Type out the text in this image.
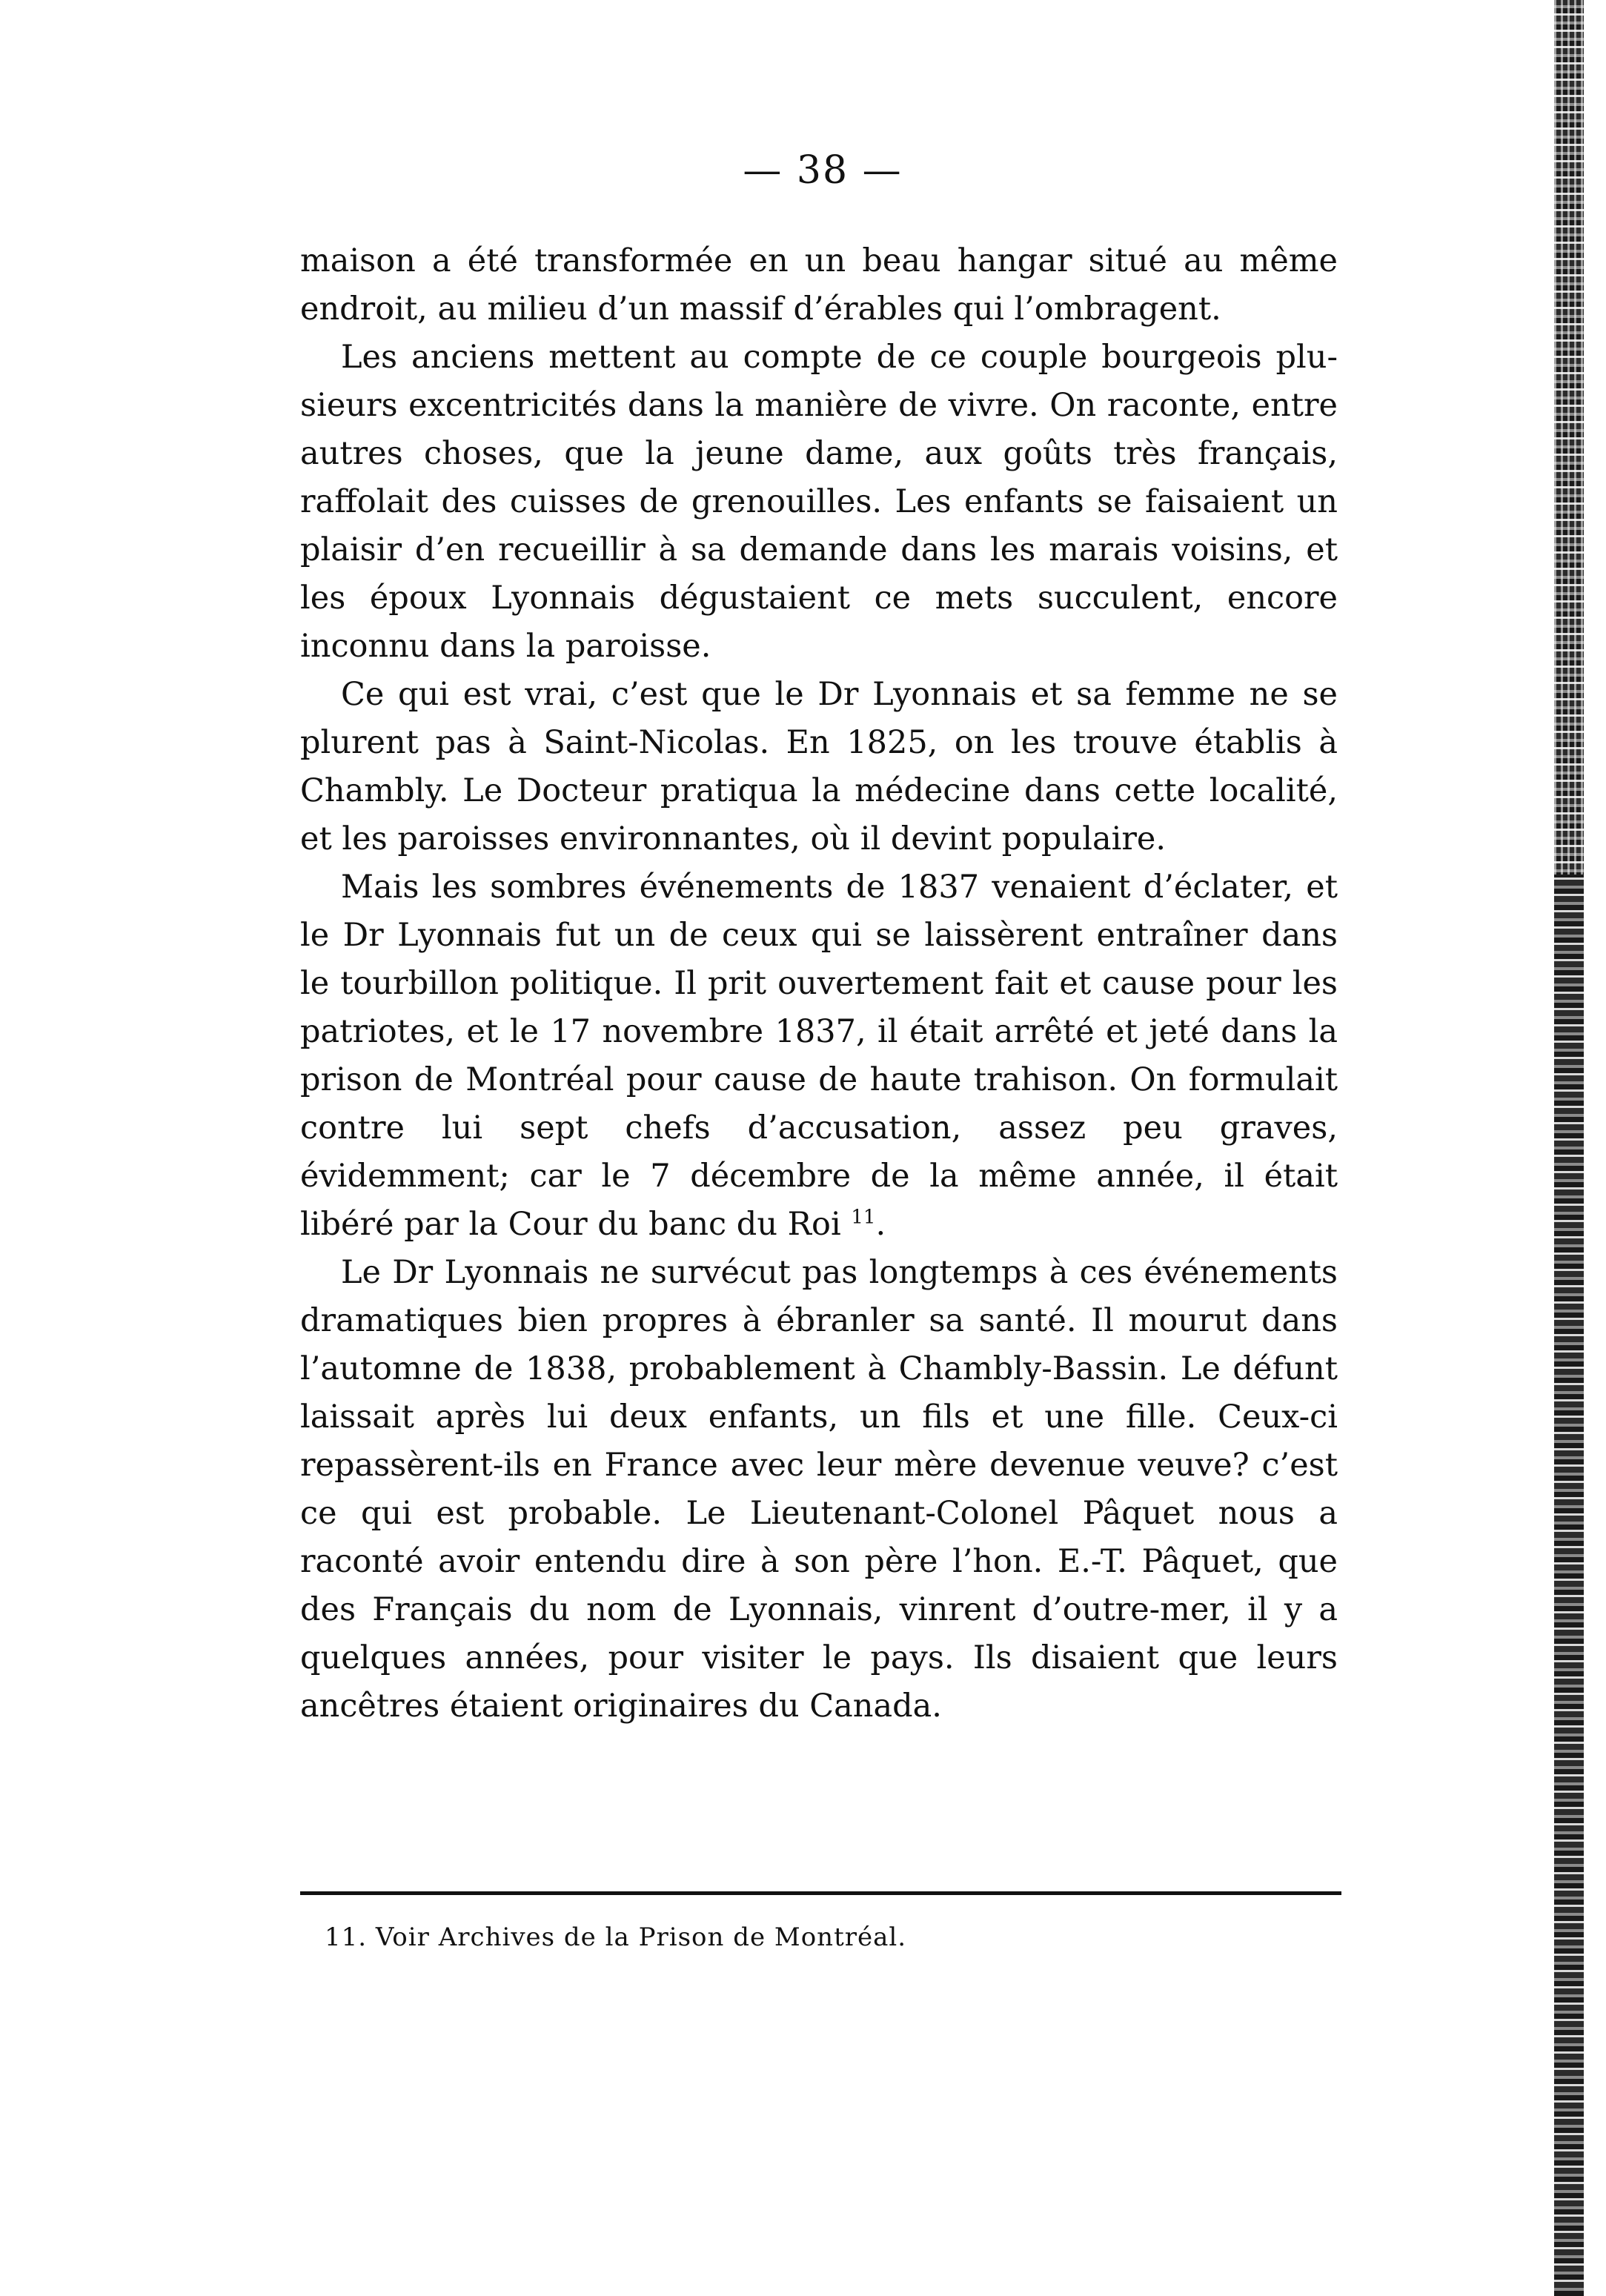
— 38 —

maison a été transformée en un beau hangar situé au même endroit, au milieu d’un massif d’érables qui l’ombragent.

Les anciens mettent au compte de ce couple bourgeois plusieurs excentricités dans la manière de vivre. On raconte, entre autres choses, que la jeune dame, aux goûts très français, raffolait des cuisses de grenouilles. Les enfants se faisaient un plaisir d’en recueillir à sa demande dans les marais voisins, et les époux Lyonnais dégustaient ce mets succulent, encore inconnu dans la paroisse.

Ce qui est vrai, c’est que le Dr Lyonnais et sa femme ne se plurent pas à Saint-Nicolas. En 1825, on les trouve établis à Chambly. Le Docteur pratiqua la médecine dans cette localité, et les paroisses environnantes, où il devint populaire.

Mais les sombres événements de 1837 venaient d’éclater, et le Dr Lyonnais fut un de ceux qui se laissèrent entraîner dans le tourbillon politique. Il prit ouvertement fait et cause pour les patriotes, et le 17 novembre 1837, il était arrêté et jeté dans la prison de Montréal pour cause de haute trahison. On formulait contre lui sept chefs d’accusation, assez peu graves, évidemment; car le 7 décembre de la même année, il était libéré par la Cour du banc du Roi $^{11}$.

Le Dr Lyonnais ne survécut pas longtemps à ces événements dramatiques bien propres à ébranler sa santé. Il mourut dans l’automne de 1838, probablement à Chambly-Bassin. Le défunt laissait après lui deux enfants, un fils et une fille. Ceux-ci repassèrent-ils en France avec leur mère devenue veuve? c’est ce qui est probable. Le Lieutenant-Colonel Pâquet nous a raconté avoir entendu dire à son père l’hon. E.-T. Pâquet, que des Français du nom de Lyonnais, vinrent d’outre-mer, il y a quelques années, pour visiter le pays. Ils disaient que leurs ancêtres étaient originaires du Canada.

11. Voir Archives de la Prison de Montréal.
